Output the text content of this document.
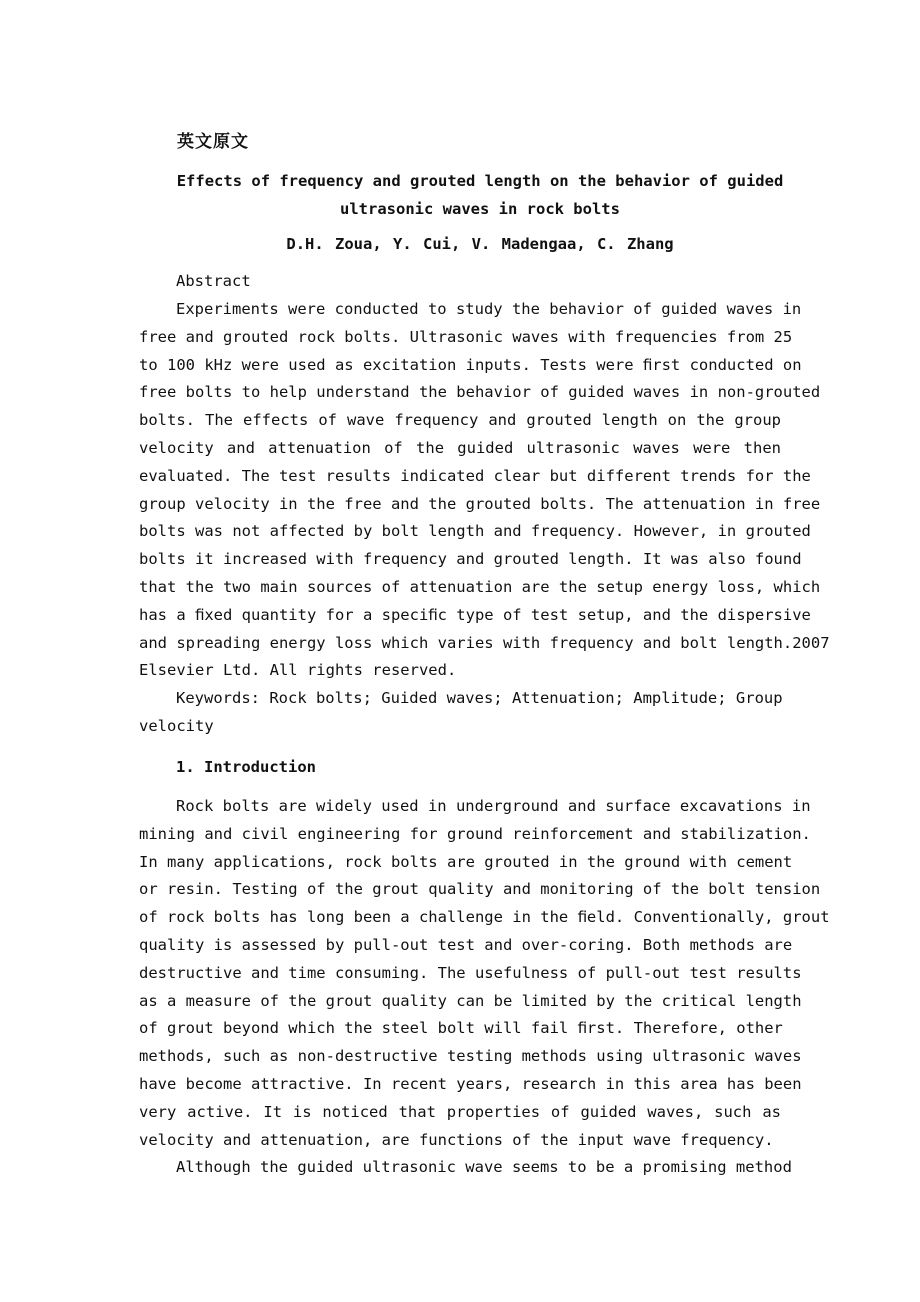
英文原文
Effects of frequency and grouted length on the behavior of guided
ultrasonic waves in rock bolts
D.H. Zoua, Y. Cui, V. Madengaa, C. Zhang
Abstract
Experiments were conducted to study the behavior of guided waves in
free and grouted rock bolts. Ultrasonic waves with frequencies from 25
to 100 kHz were used as excitation inputs. Tests were ﬁrst conducted on
free bolts to help understand the behavior of guided waves in non-grouted
bolts. The effects of wave frequency and grouted length on the group
velocity and attenuation of the guided ultrasonic waves were then
evaluated. The test results indicated clear but different trends for the
group velocity in the free and the grouted bolts. The attenuation in free
bolts was not affected by bolt length and frequency. However, in grouted
bolts it increased with frequency and grouted length. It was also found
that the two main sources of attenuation are the setup energy loss, which
has a ﬁxed quantity for a speciﬁc type of test setup, and the dispersive
and spreading energy loss which varies with frequency and bolt length.2007
Elsevier Ltd. All rights reserved.
Keywords: Rock bolts; Guided waves; Attenuation; Amplitude; Group
velocity
1. Introduction
Rock bolts are widely used in underground and surface excavations in
mining and civil engineering for ground reinforcement and stabilization.
In many applications, rock bolts are grouted in the ground with cement
or resin. Testing of the grout quality and monitoring of the bolt tension
of rock bolts has long been a challenge in the ﬁeld. Conventionally, grout
quality is assessed by pull-out test and over-coring. Both methods are
destructive and time consuming. The usefulness of pull-out test results
as a measure of the grout quality can be limited by the critical length
of grout beyond which the steel bolt will fail ﬁrst. Therefore, other
methods, such as non-destructive testing methods using ultrasonic waves
have become attractive. In recent years, research in this area has been
very active. It is noticed that properties of guided waves, such as
velocity and attenuation, are functions of the input wave frequency.
Although the guided ultrasonic wave seems to be a promising method
